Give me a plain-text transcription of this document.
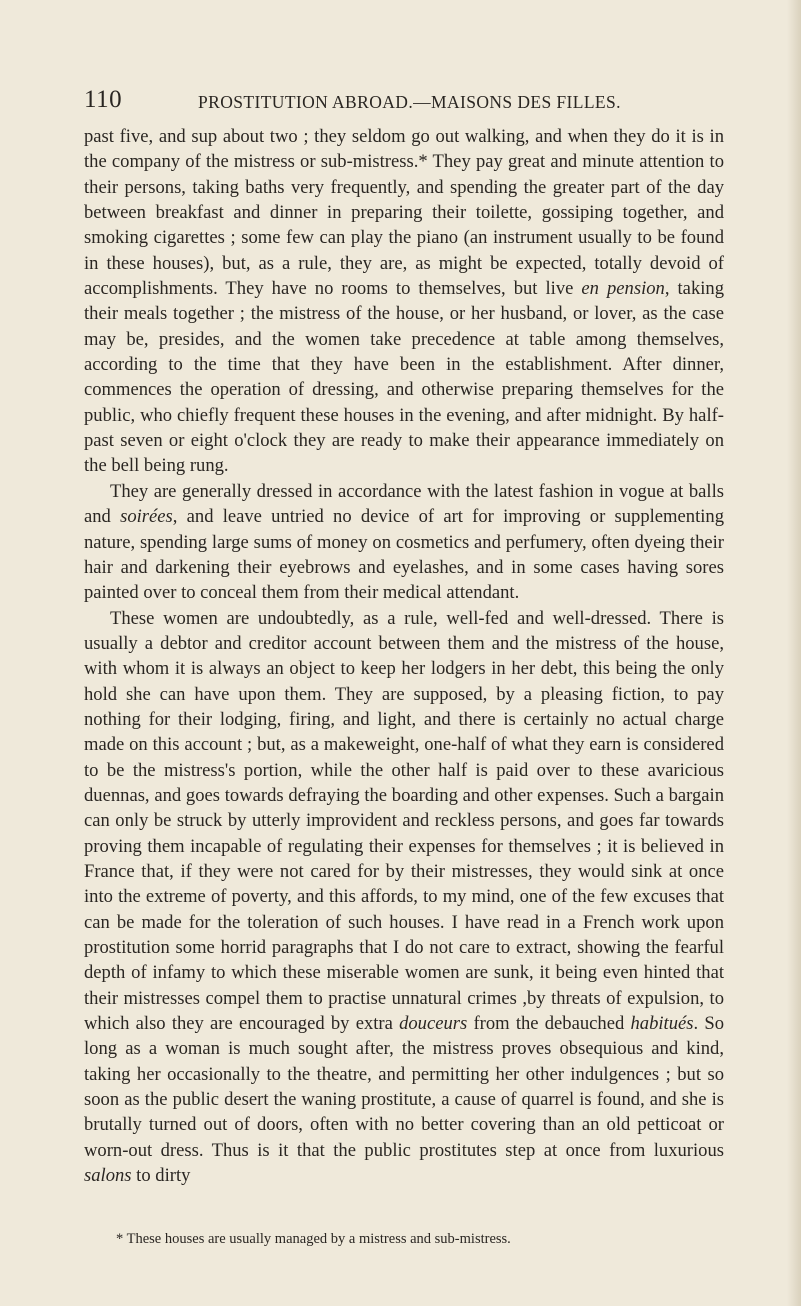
110	PROSTITUTION ABROAD.—MAISONS DES FILLES.

past five, and sup about two ; they seldom go out walking, and when they do it is in the company of the mistress or sub-mistress.* They pay great and minute attention to their persons, taking baths very frequently, and spending the greater part of the day between breakfast and dinner in preparing their toilette, gossiping together, and smoking cigarettes ; some few can play the piano (an instrument usually to be found in these houses), but, as a rule, they are, as might be expected, totally devoid of accomplishments. They have no rooms to themselves, but live en pension, taking their meals together ; the mistress of the house, or her husband, or lover, as the case may be, presides, and the women take precedence at table among themselves, according to the time that they have been in the establishment. After dinner, commences the operation of dressing, and otherwise preparing themselves for the public, who chiefly frequent these houses in the evening, and after midnight. By half-past seven or eight o'clock they are ready to make their appearance immediately on the bell being rung.

They are generally dressed in accordance with the latest fashion in vogue at balls and soirées, and leave untried no device of art for improving or supplementing nature, spending large sums of money on cosmetics and perfumery, often dyeing their hair and darkening their eyebrows and eyelashes, and in some cases having sores painted over to conceal them from their medical attendant.

These women are undoubtedly, as a rule, well-fed and well-dressed. There is usually a debtor and creditor account between them and the mistress of the house, with whom it is always an object to keep her lodgers in her debt, this being the only hold she can have upon them. They are supposed, by a pleasing fiction, to pay nothing for their lodging, firing, and light, and there is certainly no actual charge made on this account ; but, as a makeweight, one-half of what they earn is considered to be the mistress's portion, while the other half is paid over to these avaricious duennas, and goes towards defraying the boarding and other expenses. Such a bargain can only be struck by utterly improvident and reckless persons, and goes far towards proving them incapable of regulating their expenses for themselves ; it is believed in France that, if they were not cared for by their mistresses, they would sink at once into the extreme of poverty, and this affords, to my mind, one of the few excuses that can be made for the toleration of such houses. I have read in a French work upon prostitution some horrid paragraphs that I do not care to extract, showing the fearful depth of infamy to which these miserable women are sunk, it being even hinted that their mistresses compel them to practise unnatural crimes ,by threats of expulsion, to which also they are encouraged by extra douceurs from the debauched habitués. So long as a woman is much sought after, the mistress proves obsequious and kind, taking her occasionally to the theatre, and permitting her other indulgences ; but so soon as the public desert the waning prostitute, a cause of quarrel is found, and she is brutally turned out of doors, often with no better covering than an old petticoat or worn-out dress. Thus is it that the public prostitutes step at once from luxurious salons to dirty

* These houses are usually managed by a mistress and sub-mistress.
